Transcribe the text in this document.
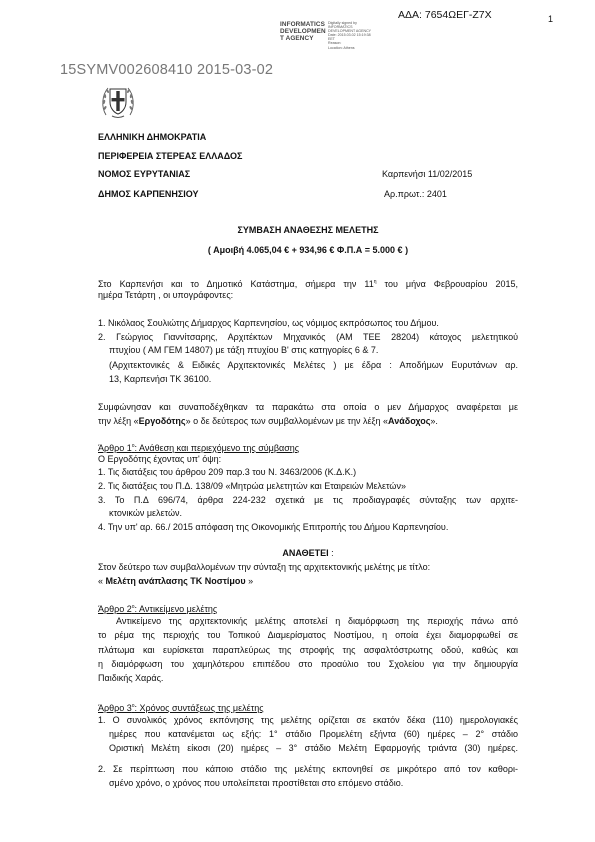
INFORMATICS
DEVELOPMEN
T AGENCY
Digitally signed by
INFORMATICS
DEVELOPMENT AGENCY
Date: 2015.03.02 15:19:38
EET
Reason:
Location: Athens
ΑΔΑ: 7654ΩΕΓ-Ζ7Χ	1
15SYMV002608410 2015-03-02
ΕΛΛΗΝΙΚΗ ΔΗΜΟΚΡΑΤΙΑ
ΠΕΡΙΦΕΡΕΙΑ ΣΤΕΡΕΑΣ ΕΛΛΑΔΟΣ
ΝΟΜΟΣ ΕΥΡΥΤΑΝΙΑΣ
ΔΗΜΟΣ ΚΑΡΠΕΝΗΣΙΟΥ
Καρπενήσι 11/02/2015
Αρ.πρωτ.: 2401
ΣΥΜΒΑΣΗ ΑΝΑΘΕΣΗΣ ΜΕΛΕΤΗΣ
( Αμοιβή 4.065,04 € + 934,96 € Φ.Π.Α = 5.000 € )
Στο Καρπενήσι και το Δημοτικό Κατάστημα, σήμερα την $11^\eta$ του μήνα Φεβρουαρίου 2015,
ημέρα Τετάρτη , οι υπογράφοντες:
1. Νικόλαος Σουλιώτης Δήμαρχος Καρπενησίου, ως νόμιμος εκπρόσωπος του Δήμου.
2. Γεώργιος Γιαννίτσαρης, Αρχιτέκτων Μηχανικός (ΑΜ ΤΕΕ 28204) κάτοχος μελετητικού
πτυχίου ( ΑΜ ΓΕΜ 14807) με τάξη πτυχίου Β' στις κατηγορίες 6 & 7.
(Αρχιτεκτονικές & Ειδικές Αρχιτεκτονικές Μελέτες ) με έδρα : Αποδήμων Ευρυτάνων αρ.
13, Καρπενήσι ΤΚ 36100.
Συμφώνησαν και συναποδέχθηκαν τα παρακάτω στα οποία ο μεν Δήμαρχος αναφέρεται με
την λέξη «Εργοδότης» ο δε δεύτερος των συμβαλλομένων με την λέξη «Ανάδοχος».
Άρθρο $1^o$: Ανάθεση και περιεχόμενο της σύμβασης
Ο Εργοδότης έχοντας υπ' όψη:
1. Τις διατάξεις του άρθρου 209 παρ.3 του Ν. 3463/2006 (Κ.Δ.Κ.)
2. Τις διατάξεις του Π.Δ. 138/09 «Μητρώα μελετητών και Εταιρειών Μελετών»
3. Το Π.Δ 696/74, άρθρα 224-232 σχετικά με τις προδιαγραφές σύνταξης των αρχιτε-
κτονικών μελετών.
4. Την υπ' αρ. 66./ 2015 απόφαση της Οικονομικής Επιτροπής του Δήμου Καρπενησίου.
ΑΝΑΘΕΤΕΙ :
Στον δεύτερο των συμβαλλομένων την σύνταξη της αρχιτεκτονικής μελέτης με τίτλο:
« Μελέτη ανάπλασης ΤΚ Νοστίμου »
Άρθρο $2^o$: Αντικείμενο μελέτης
Αντικείμενο της αρχιτεκτονικής μελέτης αποτελεί η διαμόρφωση της περιοχής πάνω από
το ρέμα της περιοχής του Τοπικού Διαμερίσματος Νοστίμου, η οποία έχει διαμορφωθεί σε
πλάτωμα και ευρίσκεται παραπλεύρως της στροφής της ασφαλτόστρωτης οδού, καθώς και
η διαμόρφωση του χαμηλότερου επιπέδου στο προαύλιο του Σχολείου για την δημιουργία
Παιδικής Χαράς.
Άρθρο $3^o$: Χρόνος συντάξεως της μελέτης
1. Ο συνολικός χρόνος εκπόνησης της μελέτης ορίζεται σε εκατόν δέκα (110) ημερολογιακές
ημέρες που κατανέμεται ως εξής: 1° στάδιο Προμελέτη εξήντα (60) ημέρες – 2° στάδιο
Οριστική Μελέτη είκοσι (20) ημέρες – 3° στάδιο Μελέτη Εφαρμογής τριάντα (30) ημέρες.
2. Σε περίπτωση που κάποιο στάδιο της μελέτης εκπονηθεί σε μικρότερο από τον καθορι-
σμένο χρόνο, ο χρόνος που υπολείπεται προστίθεται στο επόμενο στάδιο.
